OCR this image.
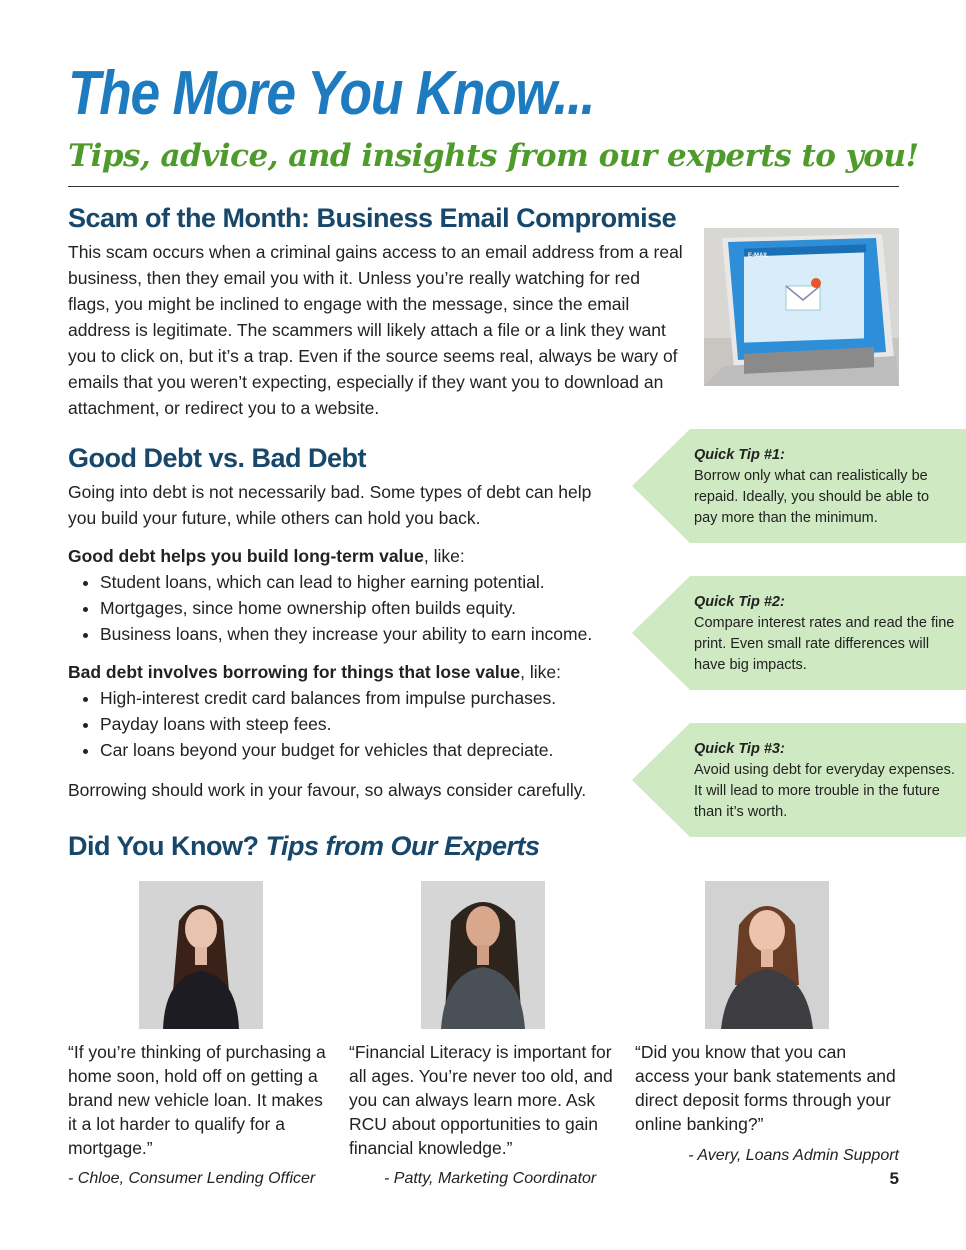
The More You Know...
Tips, advice, and insights from our experts to you!
Scam of the Month: Business Email Compromise

This scam occurs when a criminal gains access to an email address from a real business, then they email you with it. Unless you’re really watching for red flags, you might be inclined to engage with the message, since the email address is legitimate. The scammers will likely attach a file or a link they want you to click on, but it’s a trap. Even if the source seems real, always be wary of emails that you weren’t expecting, especially if they want you to download an attachment, or redirect you to a website.

E-MAIL
Good Debt vs. Bad Debt

Going into debt is not necessarily bad. Some types of debt can help you build your future, while others can hold you back.

Good debt helps you build long-term value, like:

• Student loans, which can lead to higher earning potential.
• Mortgages, since home ownership often builds equity.
• Business loans, when they increase your ability to earn income.

Bad debt involves borrowing for things that lose value, like:

• High-interest credit card balances from impulse purchases.
• Payday loans with steep fees.
• Car loans beyond your budget for vehicles that depreciate.

Borrowing should work in your favour, so always consider carefully.

Quick Tip #1:
Borrow only what can realistically be repaid. Ideally, you should be able to pay more than the minimum.
Quick Tip #2:
Compare interest rates and read the fine print. Even small rate differences will have big impacts.
Quick Tip #3:
Avoid using debt for everyday expenses. It will lead to more trouble in the future than it’s worth.
Did You Know? Tips from Our Experts
“If you’re thinking of purchasing a home soon, hold off on getting a brand new vehicle loan. It makes it a lot harder to qualify for a mortgage.”
“Financial Literacy is important for all ages. You’re never too old, and you can always learn more. Ask RCU about opportunities to gain financial knowledge.”
“Did you know that you can access your bank statements and direct deposit forms through your online banking?”
- Chloe, Consumer Lending Officer	- Patty, Marketing Coordinator
- Avery, Loans Admin Support
5
